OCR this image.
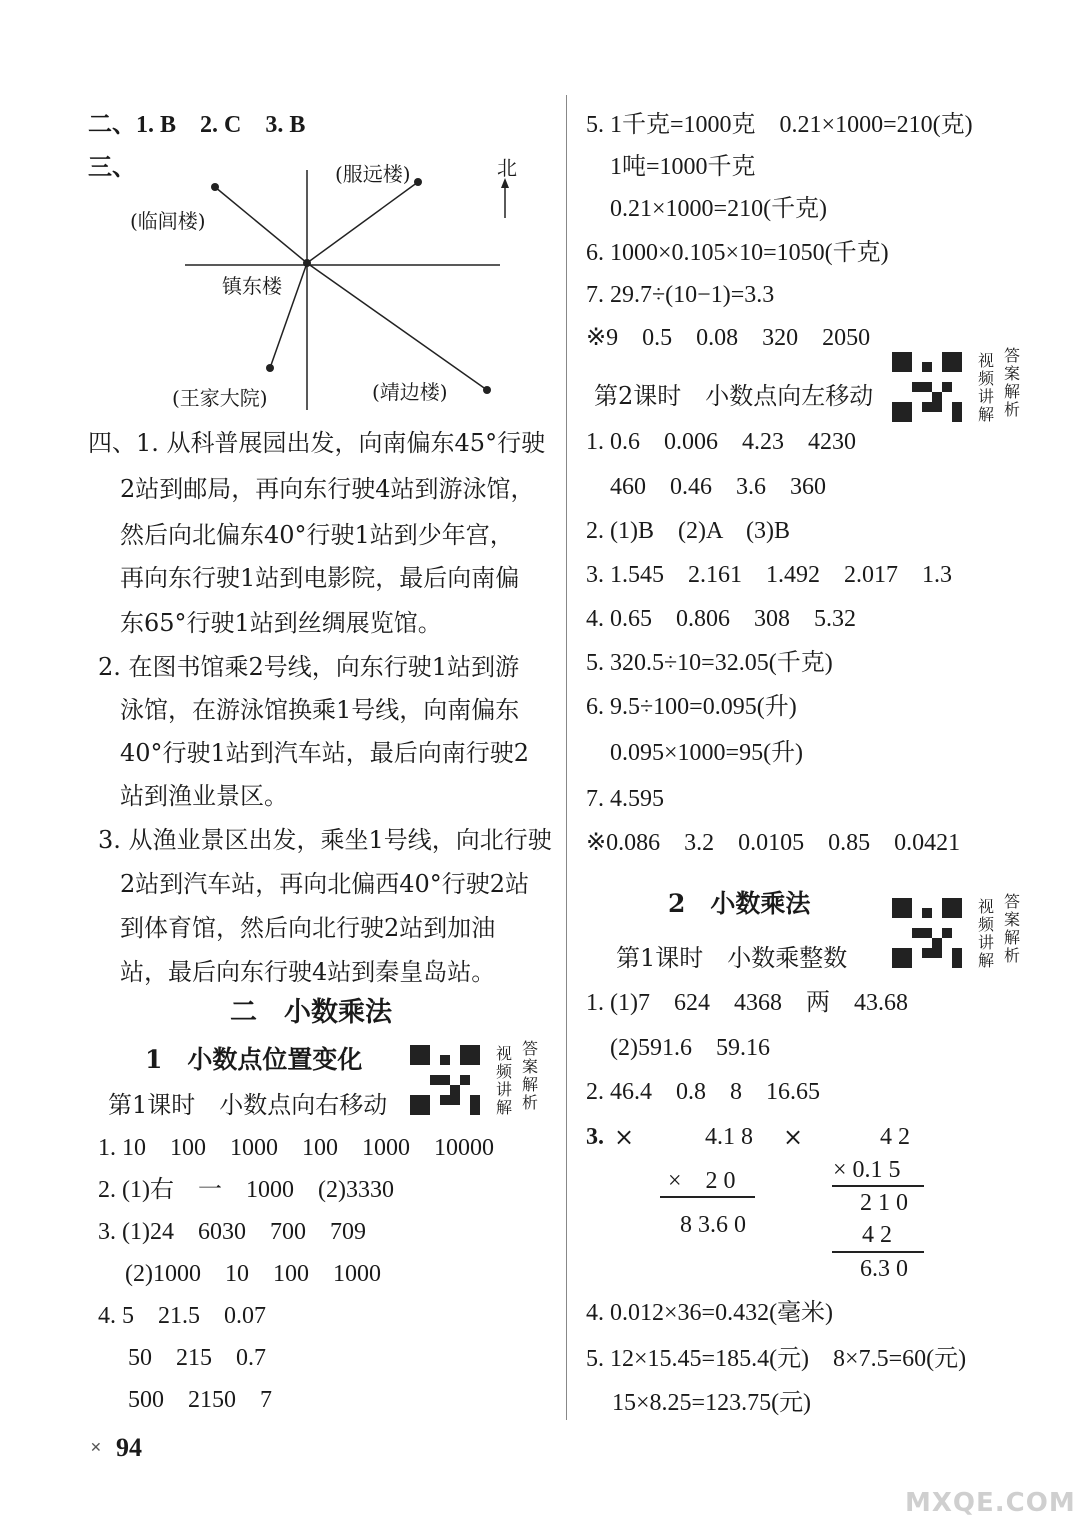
二、1. B　2. C　3. B
三、	北
镇东楼
(临闾楼)
(服远楼)
(王家大院)	(靖边楼)
四、1. 从科普展园出发，向南偏东45°行驶
2站到邮局，再向东行驶4站到游泳馆，
然后向北偏东40°行驶1站到少年宫，
再向东行驶1站到电影院，最后向南偏
东65°行驶1站到丝绸展览馆。
2. 在图书馆乘2号线，向东行驶1站到游
泳馆，在游泳馆换乘1号线，向南偏东
40°行驶1站到汽车站，最后向南行驶2
站到渔业景区。
3. 从渔业景区出发，乘坐1号线，向北行驶
2站到汽车站，再向北偏西40°行驶2站
到体育馆，然后向北行驶2站到加油
站，最后向东行驶4站到秦皇岛站。
二　小数乘法
1　小数点位置变化
第1课时　小数点向右移动
视频讲解
答案解析
1. 10　100　1000　100　1000　10000
2. (1)右　一　1000　(2)3330
3. (1)24　6030　700　709
(2)1000　10　100　1000
4. 5　21.5　0.07
50　215　0.7
500　2150　7
✕ 94
5. 1千克=1000克　0.21×1000=210(克)
1吨=1000千克
0.21×1000=210(千克)
6. 1000×0.105×10=1050(千克)
7. 29.7÷(10−1)=3.3
※9　0.5　0.08　320　2050
第2课时　小数点向左移动
视频讲解
答案解析
1. 0.6　0.006　4.23　4230
460　0.46　3.6　360
2. (1)B　(2)A　(3)B
3. 1.545　2.161　1.492　2.017　1.3
4. 0.65　0.806　308　5.32
5. 320.5÷10=32.05(千克)
6. 9.5÷100=0.095(升)
0.095×1000=95(升)
7. 4.595
※0.086　3.2　0.0105　0.85　0.0421
2　小数乘法
第1课时　小数乘整数
视频讲解
答案解析
1. (1)7　624　4368　两　43.68
(2)591.6　59.16
2. 46.4　0.8　8　16.65
3. ×	×
4.1 8
×　2 0
8 3.6 0
4 2
× 0.1 5
2 1 0
4 2
6.3 0
4. 0.012×36=0.432(毫米)
5. 12×15.45=185.4(元)　8×7.5=60(元)
15×8.25=123.75(元)
MXQE.COM
